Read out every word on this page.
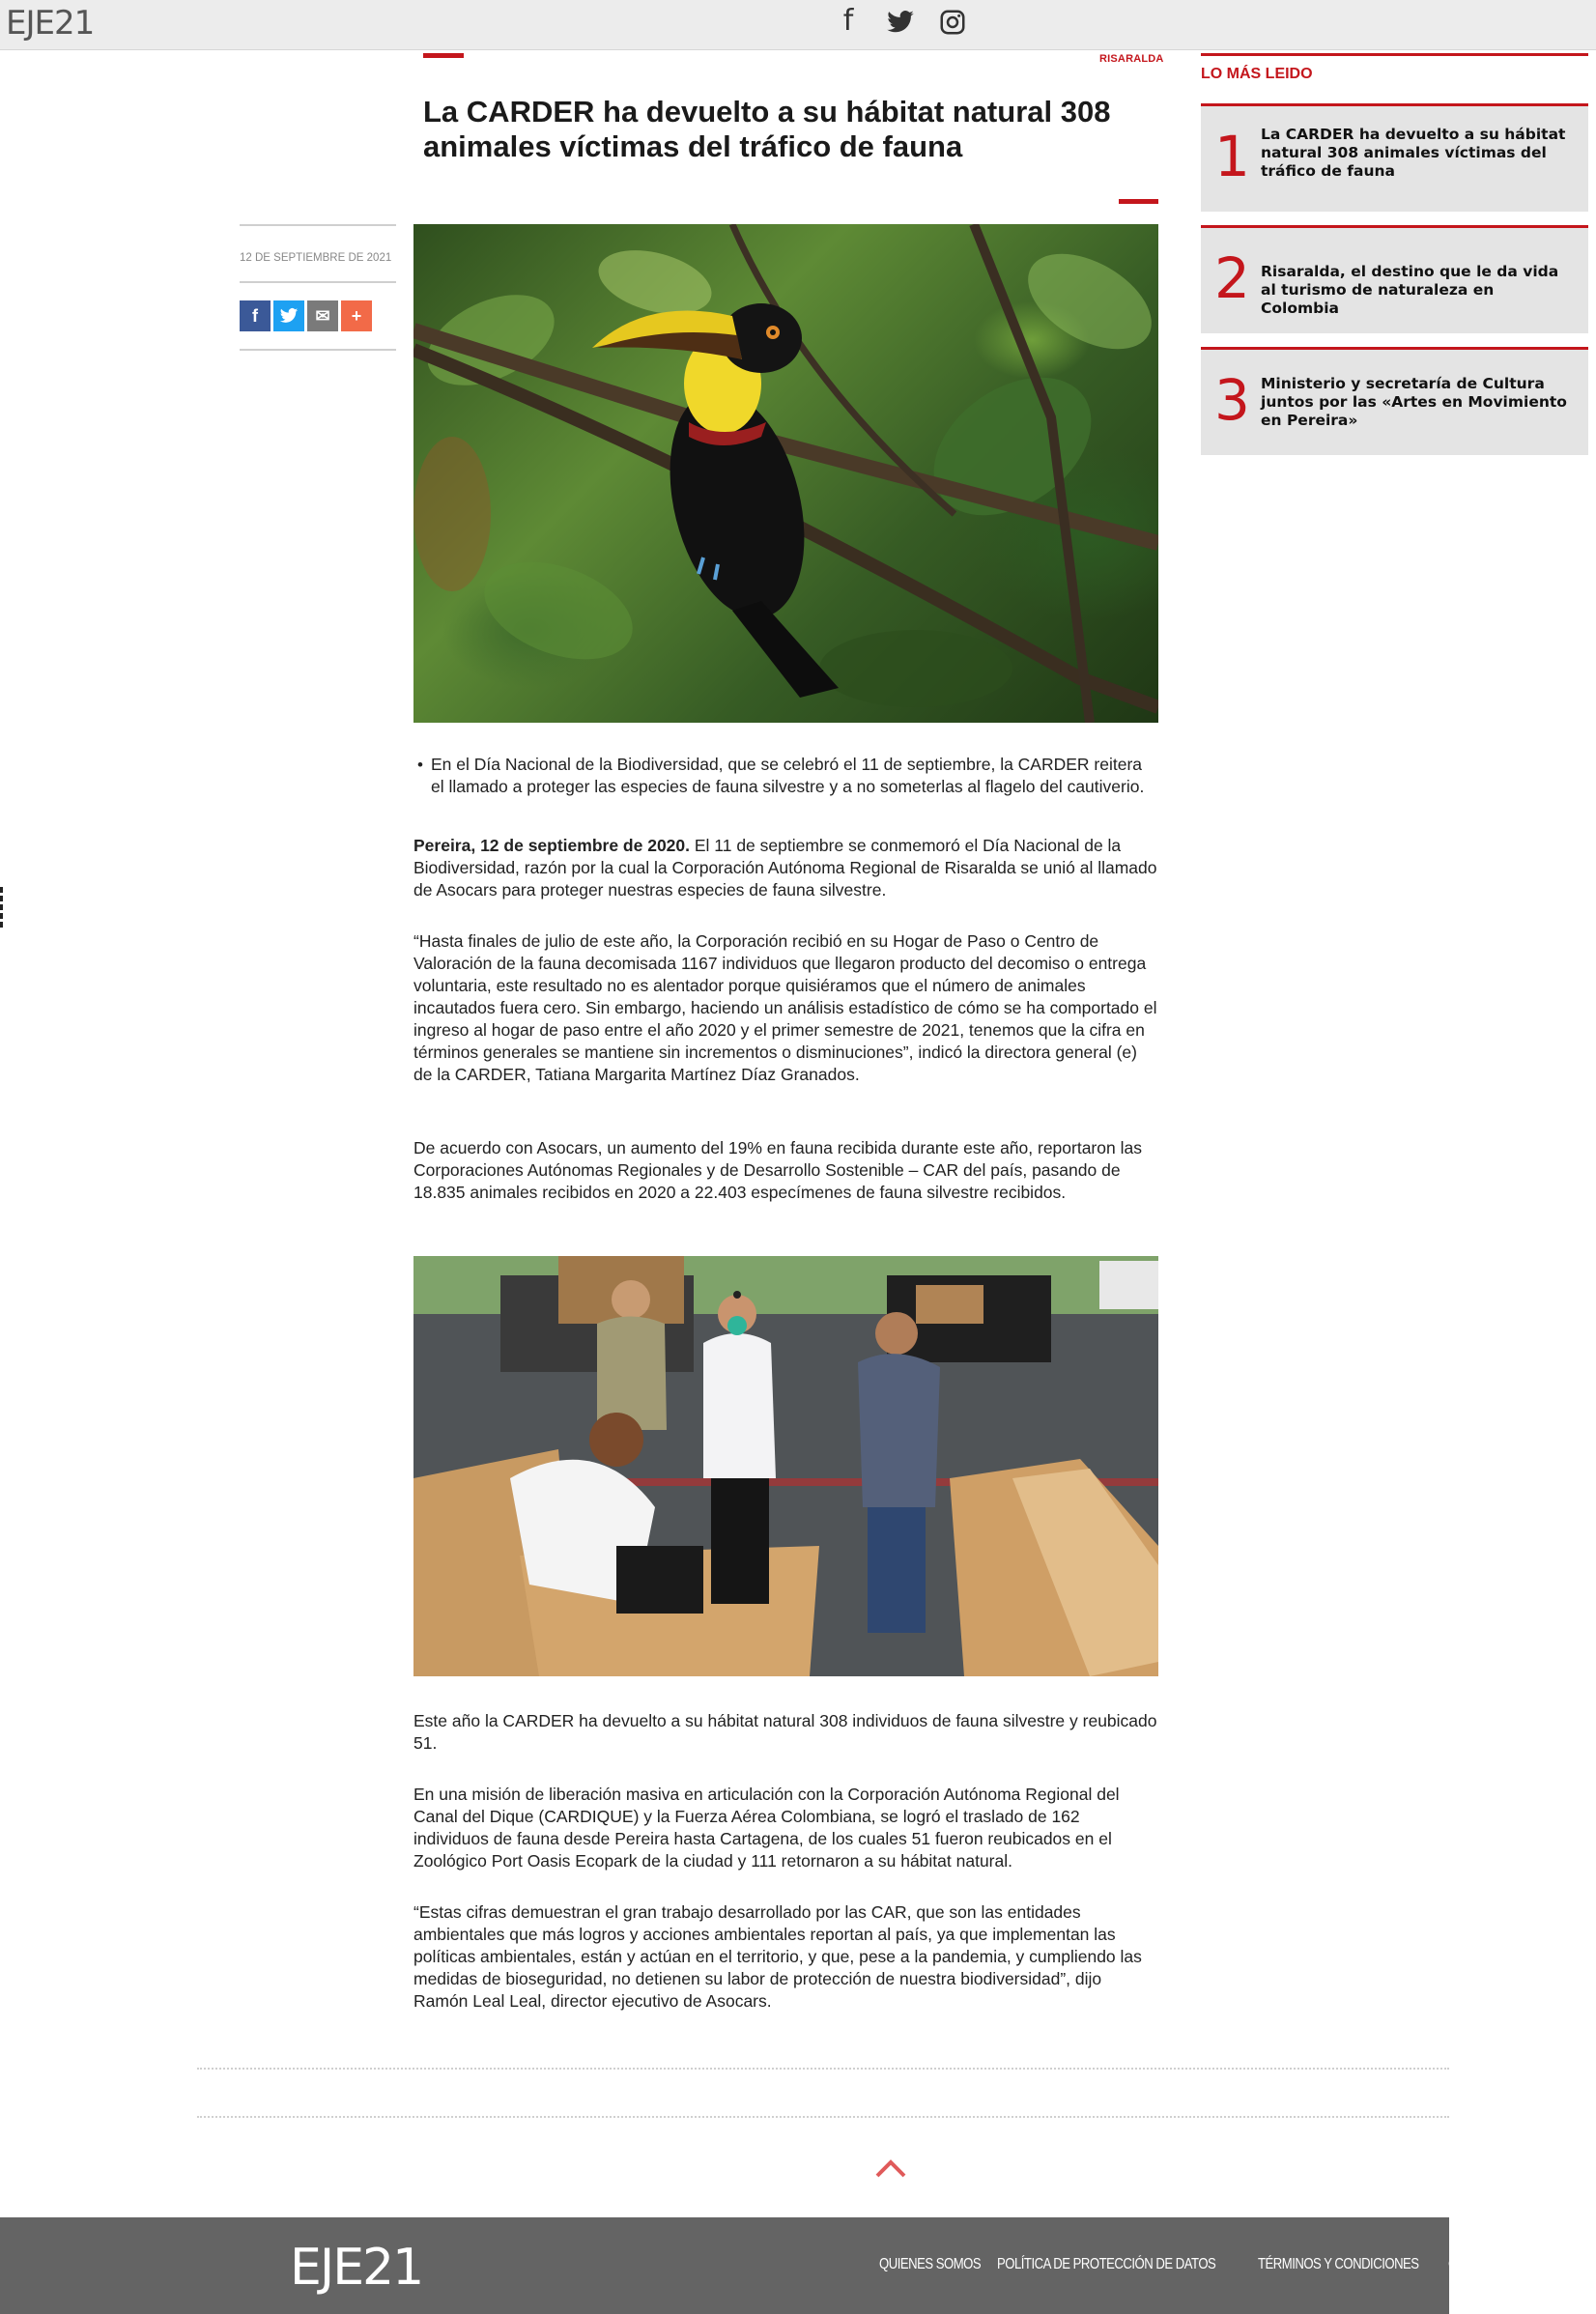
EJE21	f
RISARALDA
La CARDER ha devuelto a su hábitat natural 308 animales víctimas del tráfico de fauna
12 DE SEPTIEMBRE DE 2021
f	✉	+
• En el Día Nacional de la Biodiversidad, que se celebró el 11 de septiembre, la CARDER reitera el llamado a proteger las especies de fauna silvestre y a no someterlas al flagelo del cautiverio.

Pereira, 12 de septiembre de 2020. El 11 de septiembre se conmemoró el Día Nacional de la Biodiversidad, razón por la cual la Corporación Autónoma Regional de Risaralda se unió al llamado de Asocars para proteger nuestras especies de fauna silvestre.

“Hasta finales de julio de este año, la Corporación recibió en su Hogar de Paso o Centro de Valoración de la fauna decomisada 1167 individuos que llegaron producto del decomiso o entrega voluntaria, este resultado no es alentador porque quisiéramos que el número de animales incautados fuera cero. Sin embargo, haciendo un análisis estadístico de cómo se ha comportado el ingreso al hogar de paso entre el año 2020 y el primer semestre de 2021, tenemos que la cifra en términos generales se mantiene sin incrementos o disminuciones”, indicó la directora general (e) de la CARDER, Tatiana Margarita Martínez Díaz Granados.

De acuerdo con Asocars, un aumento del 19% en fauna recibida durante este año, reportaron las Corporaciones Autónomas Regionales y de Desarrollo Sostenible – CAR del país, pasando de 18.835 animales recibidos en 2020 a 22.403 especímenes de fauna silvestre recibidos.

Este año la CARDER ha devuelto a su hábitat natural 308 individuos de fauna silvestre y reubicado 51.

En una misión de liberación masiva en articulación con la Corporación Autónoma Regional del Canal del Dique (CARDIQUE) y la Fuerza Aérea Colombiana, se logró el traslado de 162 individuos de fauna desde Pereira hasta Cartagena, de los cuales 51 fueron reubicados en el Zoológico Port Oasis Ecopark de la ciudad y 111 retornaron a su hábitat natural.

“Estas cifras demuestran el gran trabajo desarrollado por las CAR, que son las entidades ambientales que más logros y acciones ambientales reportan al país, ya que implementan las políticas ambientales, están y actúan en el territorio, y que, pese a la pandemia, y cumpliendo las medidas de bioseguridad, no detienen su labor de protección de nuestra biodiversidad”, dijo Ramón Leal Leal, director ejecutivo de Asocars.

LO MÁS LEIDO
1 La CARDER ha devuelto a su hábitat natural 308 animales víctimas del tráfico de fauna
2 Risaralda, el destino que le da vida al turismo de naturaleza en Colombia
3 Ministerio y secretaría de Cultura juntos por las «Artes en Movimiento en Pereira»
EJE21	QUIENES SOMOS POLÍTICA DE PROTECCIÓN DE DATOS	TÉRMINOS Y CONDICIONES CONTACT
